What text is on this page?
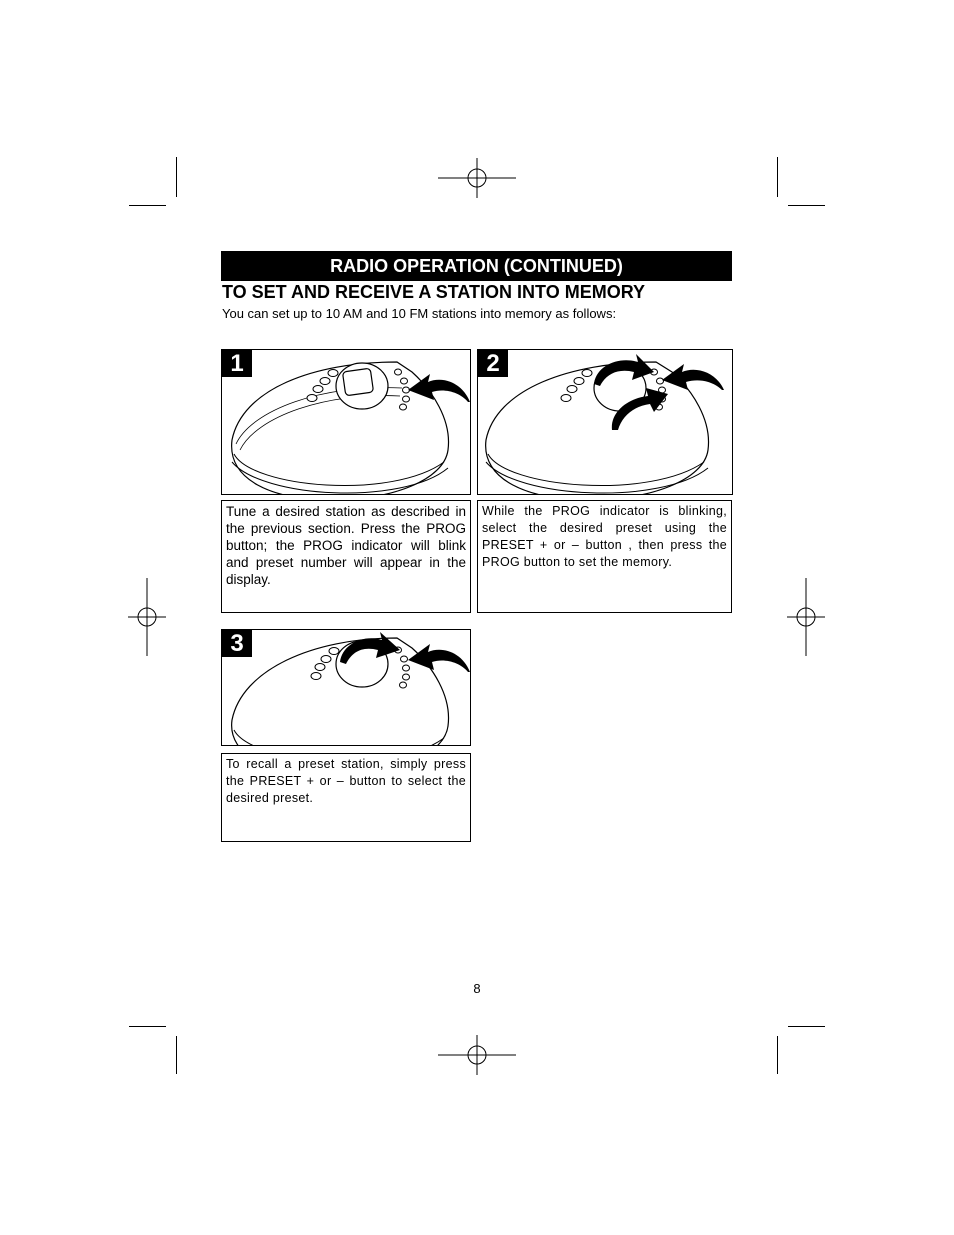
RADIO OPERATION (CONTINUED)
TO SET AND RECEIVE A STATION INTO MEMORY
You can set up to 10 AM and 10 FM stations into memory as follows:
1
Tune a desired station as described in the previous section. Press the PROG button; the PROG indicator will blink and preset number will appear in the display.
2
While the PROG indicator is blinking, select the desired preset using the PRESET + or – button , then press the PROG button to set the memory.
3
To recall a preset station, simply press the PRESET + or – button to select the desired preset.
8
